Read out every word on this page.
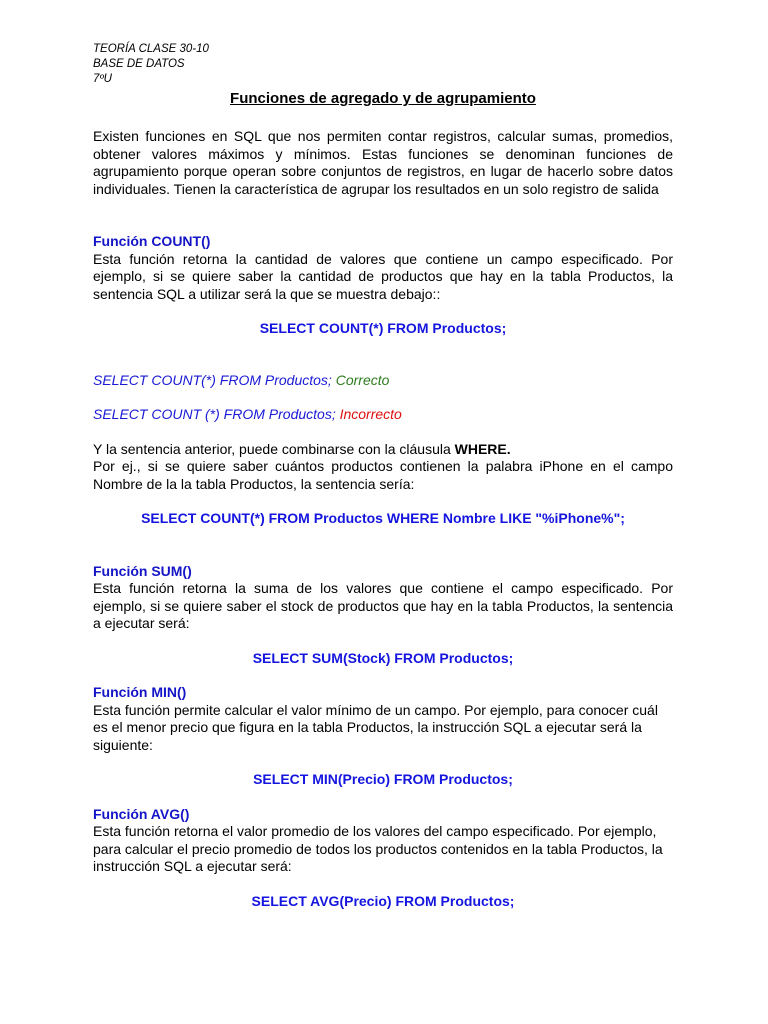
TEORÍA CLASE 30-10
BASE DE DATOS
7ºU
Funciones de agregado y de agrupamiento

Existen funciones en SQL que nos permiten contar registros, calcular sumas, promedios, obtener valores máximos y mínimos. Estas funciones se denominan funciones de agrupamiento porque operan sobre conjuntos de registros, en lugar de hacerlo sobre datos individuales. Tienen la característica de agrupar los resultados en un solo registro de salida

Función COUNT()

Esta función retorna la cantidad de valores que contiene un campo especificado. Por ejemplo, si se quiere saber la cantidad de productos que hay en la tabla Productos, la sentencia SQL a utilizar será la que se muestra debajo::

SELECT COUNT(*) FROM Productos;
SELECT COUNT(*) FROM Productos; Correcto
SELECT COUNT (*) FROM Productos; Incorrecto

Y la sentencia anterior, puede combinarse con la cláusula WHERE.

Por ej., si se quiere saber cuántos productos contienen la palabra iPhone en el campo Nombre de la la tabla Productos, la sentencia sería:

SELECT COUNT(*) FROM Productos WHERE Nombre LIKE "%iPhone%";
Función SUM()

Esta función retorna la suma de los valores que contiene el campo especificado. Por ejemplo, si se quiere saber el stock de productos que hay en la tabla Productos, la sentencia a ejecutar será:

SELECT SUM(Stock) FROM Productos;
Función MIN()

Esta función permite calcular el valor mínimo de un campo. Por ejemplo, para conocer cuál es el menor precio que figura en la tabla Productos, la instrucción SQL a ejecutar será la siguiente:

SELECT MIN(Precio) FROM Productos;
Función AVG()

Esta función retorna el valor promedio de los valores del campo especificado. Por ejemplo, para calcular el precio promedio de todos los productos contenidos en la tabla Productos, la instrucción SQL a ejecutar será:

SELECT AVG(Precio) FROM Productos;
